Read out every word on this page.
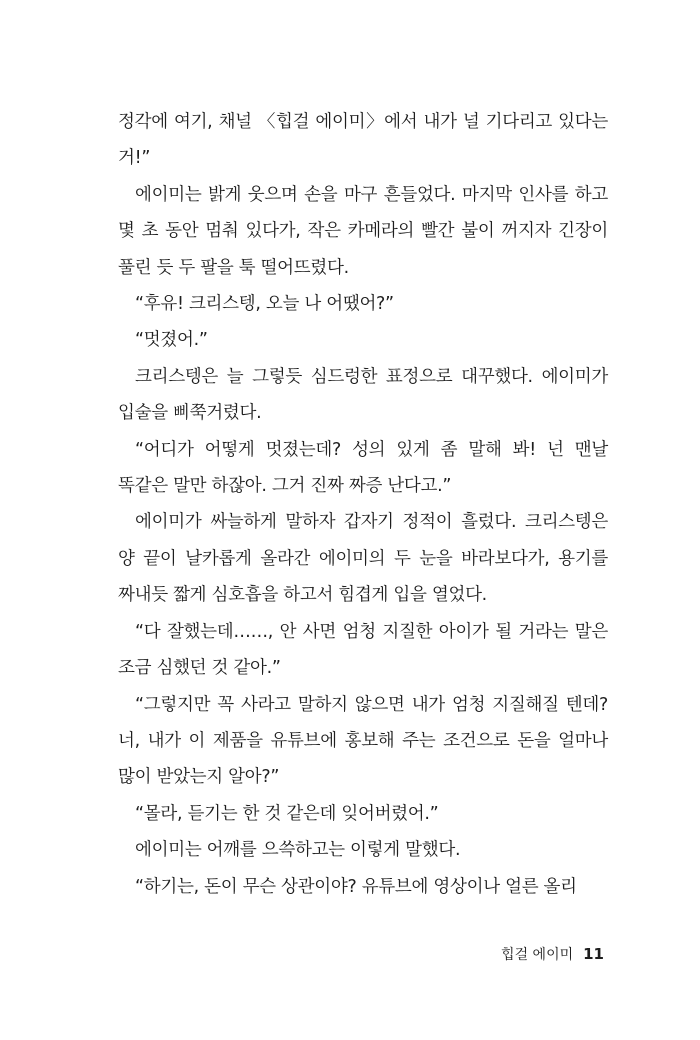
정각에 여기, 채널 〈힙걸 에이미〉에서 내가 널 기다리고 있다는 거!”

에이미는 밝게 웃으며 손을 마구 흔들었다. 마지막 인사를 하고 몇 초 동안 멈춰 있다가, 작은 카메라의 빨간 불이 꺼지자 긴장이 풀린 듯 두 팔을 툭 떨어뜨렸다.

“후유! 크리스텡, 오늘 나 어땠어?”

“멋졌어.”

크리스텡은 늘 그렇듯 심드렁한 표정으로 대꾸했다. 에이미가 입술을 삐쭉거렸다.

“어디가 어떻게 멋졌는데? 성의 있게 좀 말해 봐! 넌 맨날 똑같은 말만 하잖아. 그거 진짜 짜증 난다고.”

에이미가 싸늘하게 말하자 갑자기 정적이 흘렀다. 크리스텡은 양 끝이 날카롭게 올라간 에이미의 두 눈을 바라보다가, 용기를 짜내듯 짧게 심호흡을 하고서 힘겹게 입을 열었다.

“다 잘했는데……, 안 사면 엄청 지질한 아이가 될 거라는 말은 조금 심했던 것 같아.”

“그렇지만 꼭 사라고 말하지 않으면 내가 엄청 지질해질 텐데? 너, 내가 이 제품을 유튜브에 홍보해 주는 조건으로 돈을 얼마나 많이 받았는지 알아?”

“몰라, 듣기는 한 것 같은데 잊어버렸어.”

에이미는 어깨를 으쓱하고는 이렇게 말했다.

“하기는, 돈이 무슨 상관이야? 유튜브에 영상이나 얼른 올리

힙걸 에이미 11
